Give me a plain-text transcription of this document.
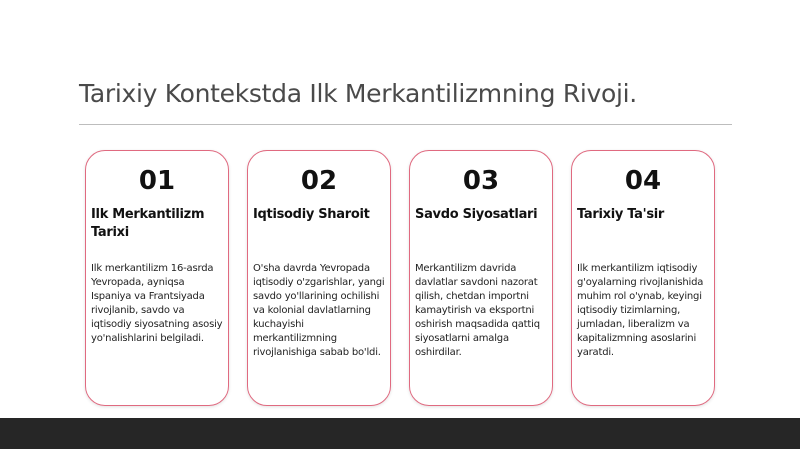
Tarixiy Kontekstda Ilk Merkantilizmning Rivoji.
01
Ilk Merkantilizm Tarixi

Ilk merkantilizm 16-asrda Yevropada, ayniqsa Ispaniya va Frantsiyada rivojlanib, savdo va iqtisodiy siyosatning asosiy yo'nalishlarini belgiladi.

02
Iqtisodiy Sharoit

O'sha davrda Yevropada iqtisodiy o'zgarishlar, yangi savdo yo'llarining ochilishi va kolonial davlatlarning kuchayishi merkantilizmning rivojlanishiga sabab bo'ldi.

03
Savdo Siyosatlari

Merkantilizm davrida davlatlar savdoni nazorat qilish, chetdan importni kamaytirish va eksportni oshirish maqsadida qattiq siyosatlarni amalga oshirdilar.

04
Tarixiy Ta'sir

Ilk merkantilizm iqtisodiy g'oyalarning rivojlanishida muhim rol o'ynab, keyingi iqtisodiy tizimlarning, jumladan, liberalizm va kapitalizmning asoslarini yaratdi.
